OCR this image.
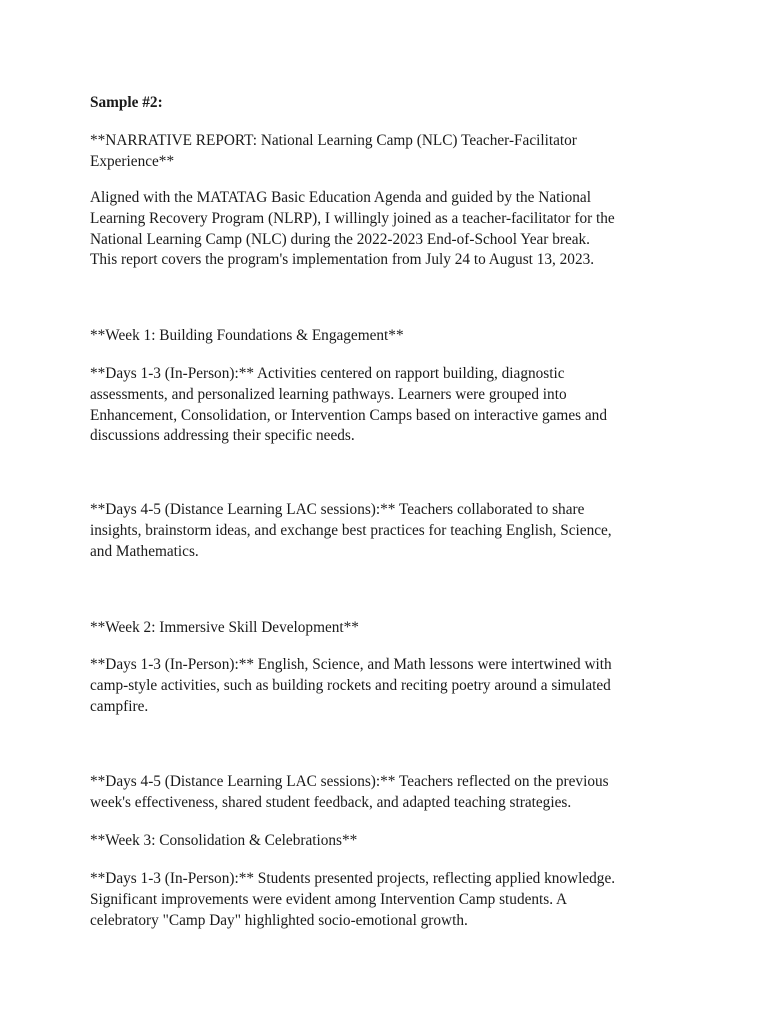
Sample #2:

**NARRATIVE REPORT: National Learning Camp (NLC) Teacher-Facilitator
Experience**

Aligned with the MATATAG Basic Education Agenda and guided by the National
Learning Recovery Program (NLRP), I willingly joined as a teacher-facilitator for the
National Learning Camp (NLC) during the 2022-2023 End-of-School Year break.
This report covers the program's implementation from July 24 to August 13, 2023.

**Week 1: Building Foundations & Engagement**

**Days 1-3 (In-Person):** Activities centered on rapport building, diagnostic
assessments, and personalized learning pathways. Learners were grouped into
Enhancement, Consolidation, or Intervention Camps based on interactive games and
discussions addressing their specific needs.

**Days 4-5 (Distance Learning LAC sessions):** Teachers collaborated to share
insights, brainstorm ideas, and exchange best practices for teaching English, Science,
and Mathematics.

**Week 2: Immersive Skill Development**

**Days 1-3 (In-Person):** English, Science, and Math lessons were intertwined with
camp-style activities, such as building rockets and reciting poetry around a simulated
campfire.

**Days 4-5 (Distance Learning LAC sessions):** Teachers reflected on the previous
week's effectiveness, shared student feedback, and adapted teaching strategies.

**Week 3: Consolidation & Celebrations**

**Days 1-3 (In-Person):** Students presented projects, reflecting applied knowledge.
Significant improvements were evident among Intervention Camp students. A
celebratory "Camp Day" highlighted socio-emotional growth.
